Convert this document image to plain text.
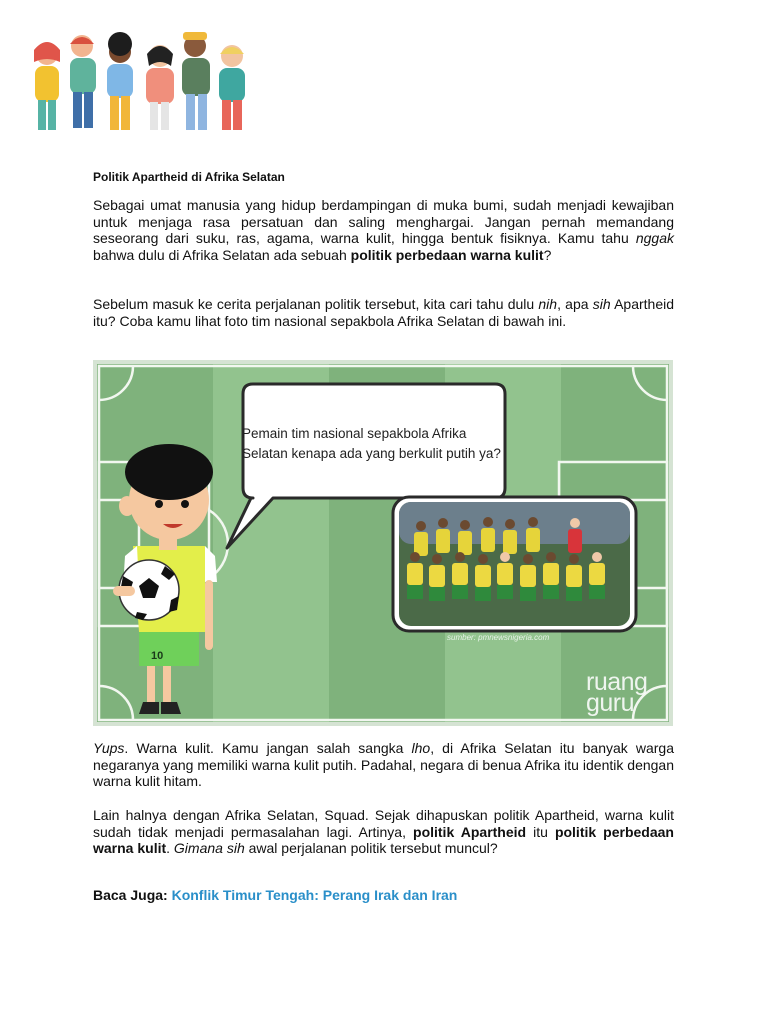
Politik Apartheid di Afrika Selatan

Sebagai umat manusia yang hidup berdampingan di muka bumi, sudah menjadi kewajiban untuk menjaga rasa persatuan dan saling menghargai. Jangan pernah memandang seseorang dari suku, ras, agama, warna kulit, hingga bentuk fisiknya. Kamu tahu nggak bahwa dulu di Afrika Selatan ada sebuah politik perbedaan warna kulit?

Sebelum masuk ke cerita perjalanan politik tersebut, kita cari tahu dulu nih, apa sih Apartheid itu? Coba kamu lihat foto tim nasional sepakbola Afrika Selatan di bawah ini.

Pemain tim nasional sepakbola Afrika Selatan kenapa ada yang berkulit putih ya?
10
sumber: pmnewsnigeria.com
ruang
guru

Yups. Warna kulit. Kamu jangan salah sangka lho, di Afrika Selatan itu banyak warga negaranya yang memiliki warna kulit putih. Padahal, negara di benua Afrika itu identik dengan warna kulit hitam.

Lain halnya dengan Afrika Selatan, Squad. Sejak dihapuskan politik Apartheid, warna kulit sudah tidak menjadi permasalahan lagi. Artinya, politik Apartheid itu politik perbedaan warna kulit. Gimana sih awal perjalanan politik tersebut muncul?

Baca Juga: Konflik Timur Tengah: Perang Irak dan Iran
